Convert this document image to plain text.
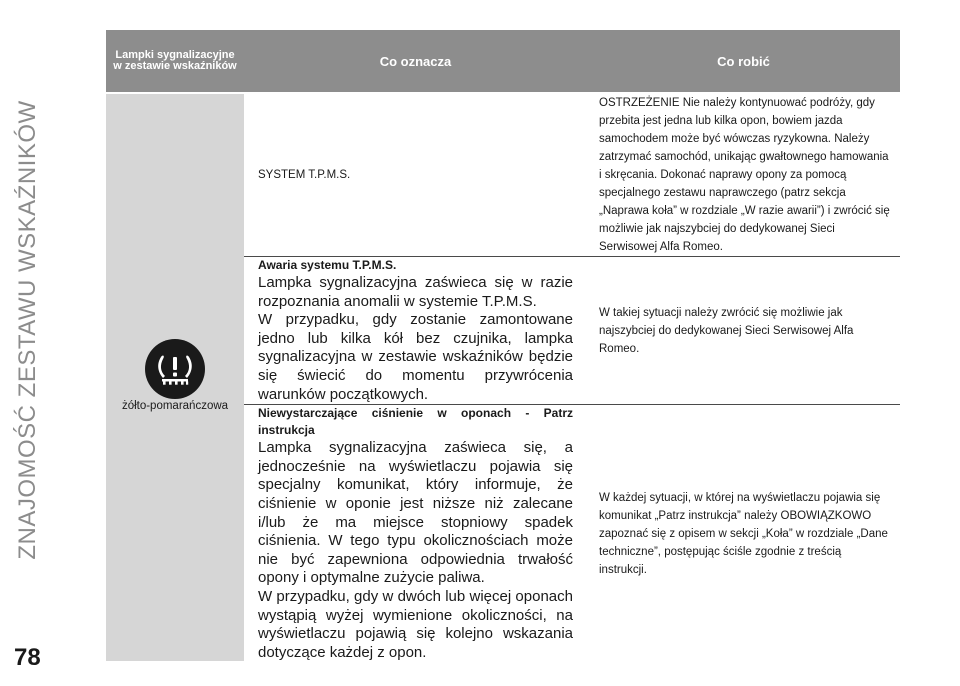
ZNAJOMOŚĆ ZESTAWU WSKAŹNIKÓW
78
Lampki sygnalizacyjne w zestawie wskaźników	Co oznacza	Co robić
żółto-pomarańczowa
SYSTEM T.P.M.S.
OSTRZEŻENIE Nie należy kontynuować podróży, gdy przebita jest jedna lub kilka opon, bowiem jazda samochodem może być wówczas ryzykowna. Należy zatrzymać samochód, unikając gwałtownego hamowania i skręcania. Dokonać naprawy opony za pomocą specjalnego zestawu naprawczego (patrz sekcja „Naprawa koła” w rozdziale „W razie awarii”) i zwrócić się możliwie jak najszybciej do dedykowanej Sieci Serwisowej Alfa Romeo.
Awaria systemu T.P.M.S.

Lampka sygnalizacyjna zaświeca się w razie rozpoznania anomalii w systemie T.P.M.S.

W przypadku, gdy zostanie zamontowane jedno lub kilka kół bez czujnika, lampka sygnalizacyjna w zestawie wskaźników będzie się świecić do momentu przywrócenia warunków początkowych.

W takiej sytuacji należy zwrócić się możliwie jak najszybciej do dedykowanej Sieci Serwisowej Alfa Romeo.
Niewystarczające ciśnienie w oponach - Patrz instrukcja

Lampka sygnalizacyjna zaświeca się, a jednocześnie na wyświetlaczu pojawia się specjalny komunikat, który informuje, że ciśnienie w oponie jest niższe niż zalecane i/lub że ma miejsce stopniowy spadek ciśnienia. W tego typu okolicznościach może nie być zapewniona odpowiednia trwałość opony i optymalne zużycie paliwa.

W przypadku, gdy w dwóch lub więcej oponach wystąpią wyżej wymienione okoliczności, na wyświetlaczu pojawią się kolejno wskazania dotyczące każdej z opon.

W każdej sytuacji, w której na wyświetlaczu pojawia się komunikat „Patrz instrukcja” należy OBOWIĄZKOWO zapoznać się z opisem w sekcji „Koła” w rozdziale „Dane techniczne”, postępując ściśle zgodnie z treścią instrukcji.
